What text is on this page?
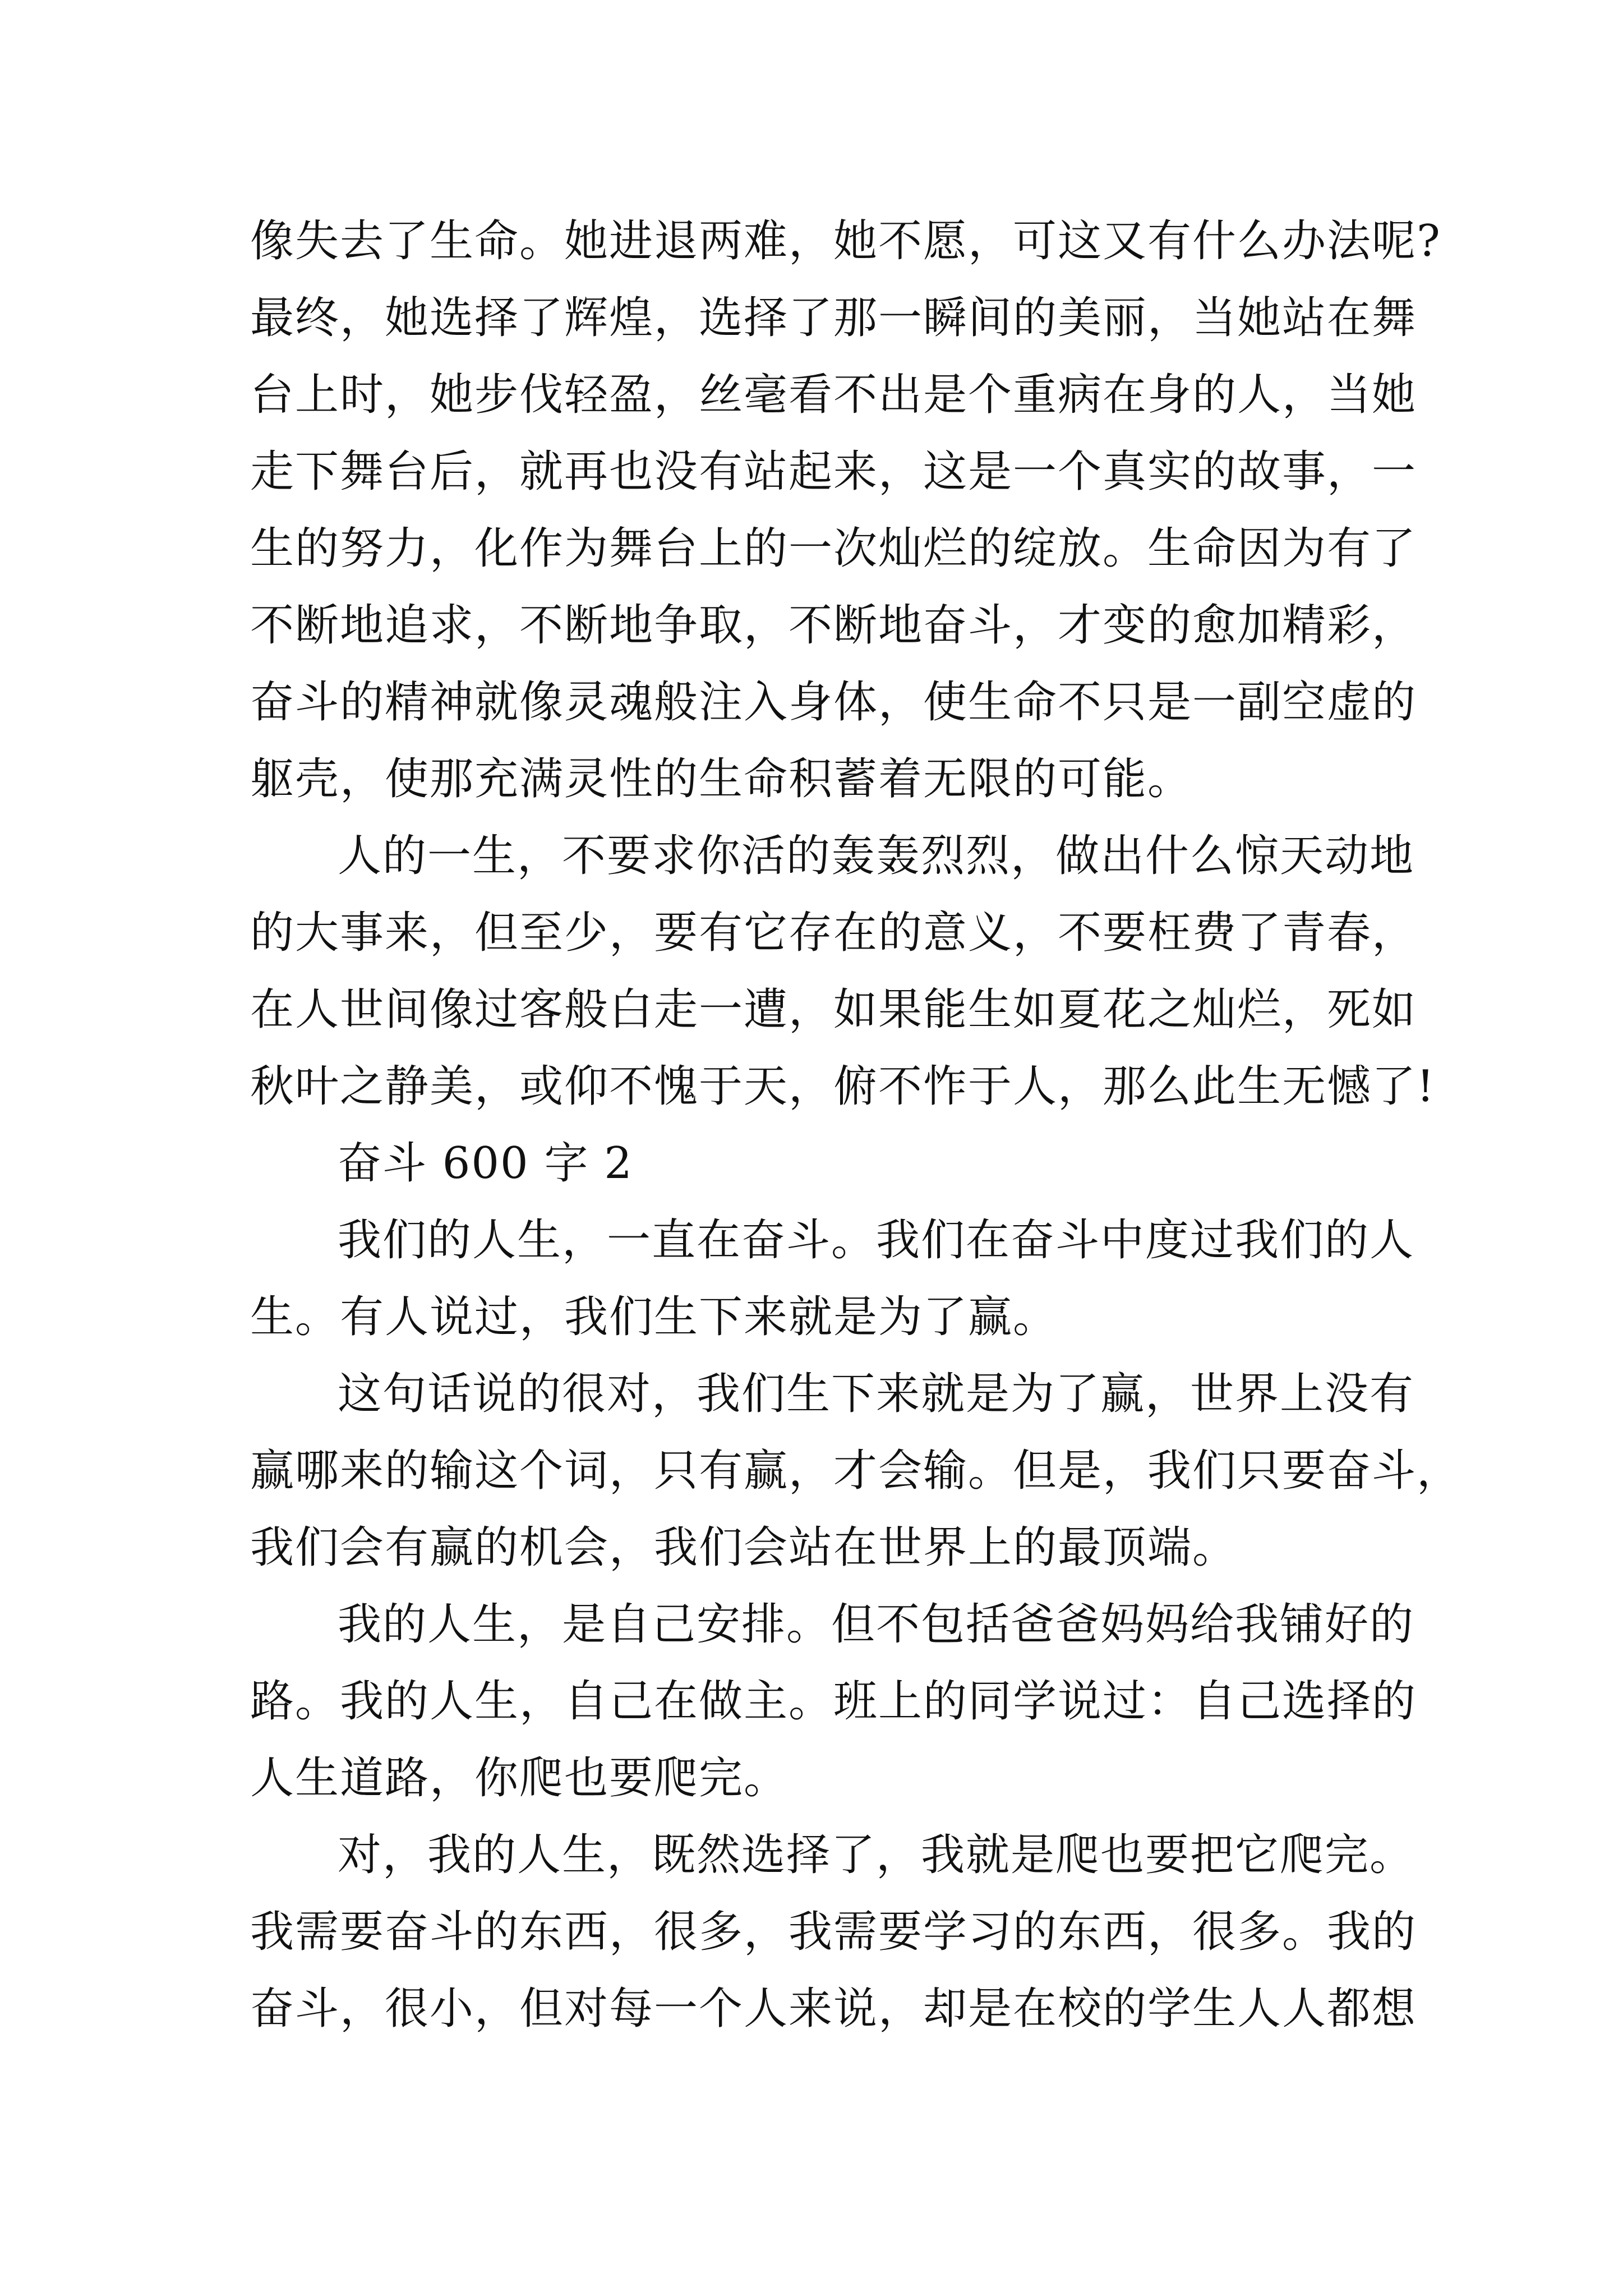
像失去了生命。她进退两难，她不愿，可这又有什么办法呢?
最终，她选择了辉煌，选择了那一瞬间的美丽，当她站在舞
台上时，她步伐轻盈，丝毫看不出是个重病在身的人，当她
走下舞台后，就再也没有站起来，这是一个真实的故事，一
生的努力，化作为舞台上的一次灿烂的绽放。生命因为有了
不断地追求，不断地争取，不断地奋斗，才变的愈加精彩，
奋斗的精神就像灵魂般注入身体，使生命不只是一副空虚的
躯壳，使那充满灵性的生命积蓄着无限的可能。
人的一生，不要求你活的轰轰烈烈，做出什么惊天动地
的大事来，但至少，要有它存在的意义，不要枉费了青春，
在人世间像过客般白走一遭，如果能生如夏花之灿烂，死如
秋叶之静美，或仰不愧于天，俯不怍于人，那么此生无憾了!
奋斗 600 字 2
我们的人生，一直在奋斗。我们在奋斗中度过我们的人
生。有人说过，我们生下来就是为了赢。
这句话说的很对，我们生下来就是为了赢，世界上没有
赢哪来的输这个词，只有赢，才会输。但是，我们只要奋斗，
我们会有赢的机会，我们会站在世界上的最顶端。
我的人生，是自己安排。但不包括爸爸妈妈给我铺好的
路。我的人生，自己在做主。班上的同学说过：自己选择的
人生道路，你爬也要爬完。
对，我的人生，既然选择了，我就是爬也要把它爬完。
我需要奋斗的东西，很多，我需要学习的东西，很多。我的
奋斗，很小，但对每一个人来说，却是在校的学生人人都想
